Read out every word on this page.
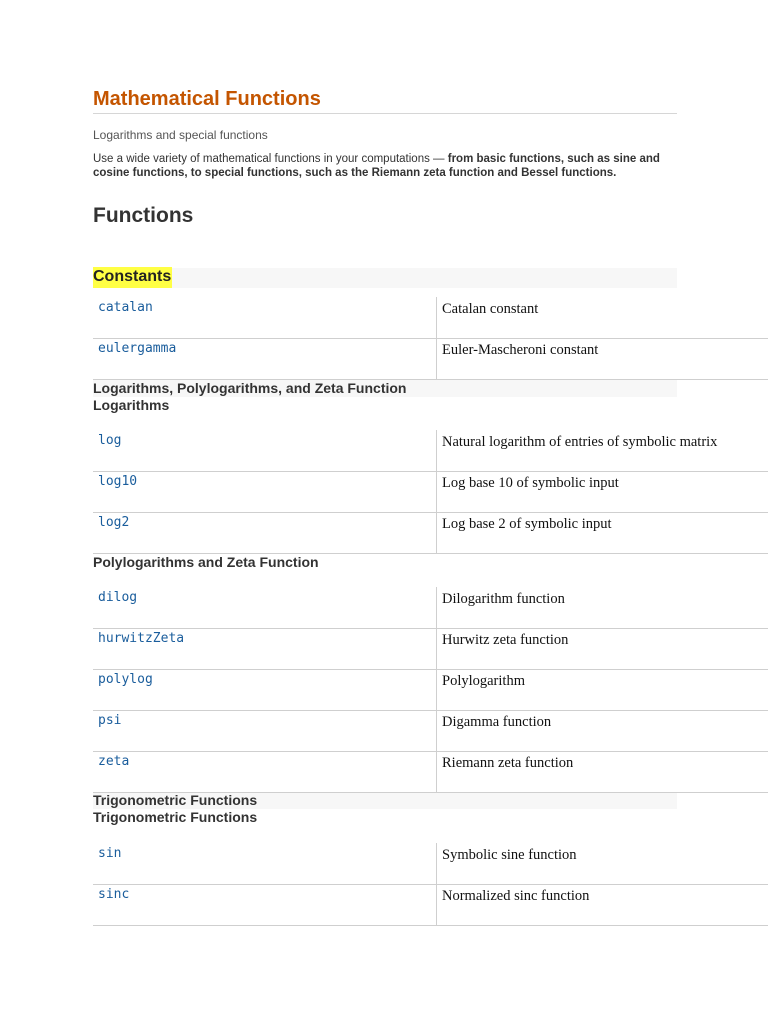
Mathematical Functions
Logarithms and special functions

Use a wide variety of mathematical functions in your computations — from basic functions, such as sine and cosine functions, to special functions, such as the Riemann zeta function and Bessel functions.

Functions
Constants
catalan	Catalan constant
eulergamma	Euler-Mascheroni constant
Logarithms, Polylogarithms, and Zeta Function
Logarithms
log	Natural logarithm of entries of symbolic matrix
log10	Log base 10 of symbolic input
log2	Log base 2 of symbolic input
Polylogarithms and Zeta Function
dilog	Dilogarithm function
hurwitzZeta	Hurwitz zeta function
polylog	Polylogarithm
psi	Digamma function
zeta	Riemann zeta function
Trigonometric Functions
Trigonometric Functions
sin	Symbolic sine function
sinc	Normalized sinc function
